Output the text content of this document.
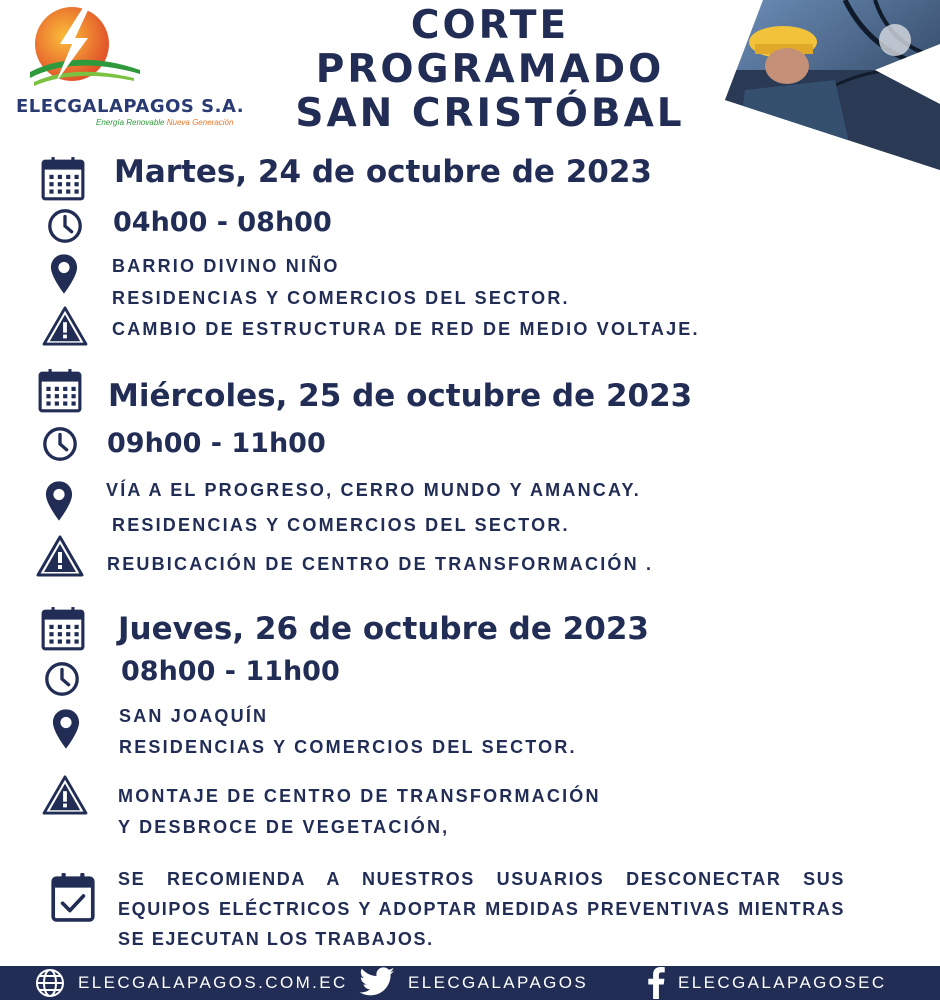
ELECGALAPAGOS S.A.
Energía Renovable Nueva Generación
CORTE
PROGRAMADO
SAN CRISTÓBAL
Martes, 24 de octubre de 2023
04h00 - 08h00
BARRIO DIVINO NIÑO
RESIDENCIAS Y COMERCIOS DEL SECTOR.
CAMBIO DE ESTRUCTURA DE RED DE MEDIO VOLTAJE.
Miércoles, 25 de octubre de 2023
09h00 - 11h00
VÍA A EL PROGRESO, CERRO MUNDO Y AMANCAY.
RESIDENCIAS Y COMERCIOS DEL SECTOR.
REUBICACIÓN DE CENTRO DE TRANSFORMACIÓN .
Jueves, 26 de octubre de 2023
08h00 - 11h00
SAN JOAQUÍN
RESIDENCIAS Y COMERCIOS DEL SECTOR.
MONTAJE DE CENTRO DE TRANSFORMACIÓN
Y DESBROCE DE VEGETACIÓN,
SE RECOMIENDA A NUESTROS USUARIOS DESCONECTAR SUS EQUIPOS ELÉCTRICOS Y ADOPTAR MEDIDAS PREVENTIVAS MIENTRAS SE EJECUTAN LOS TRABAJOS.
ELECGALAPAGOS.COM.EC	ELECGALAPAGOS	ELECGALAPAGOSEC
